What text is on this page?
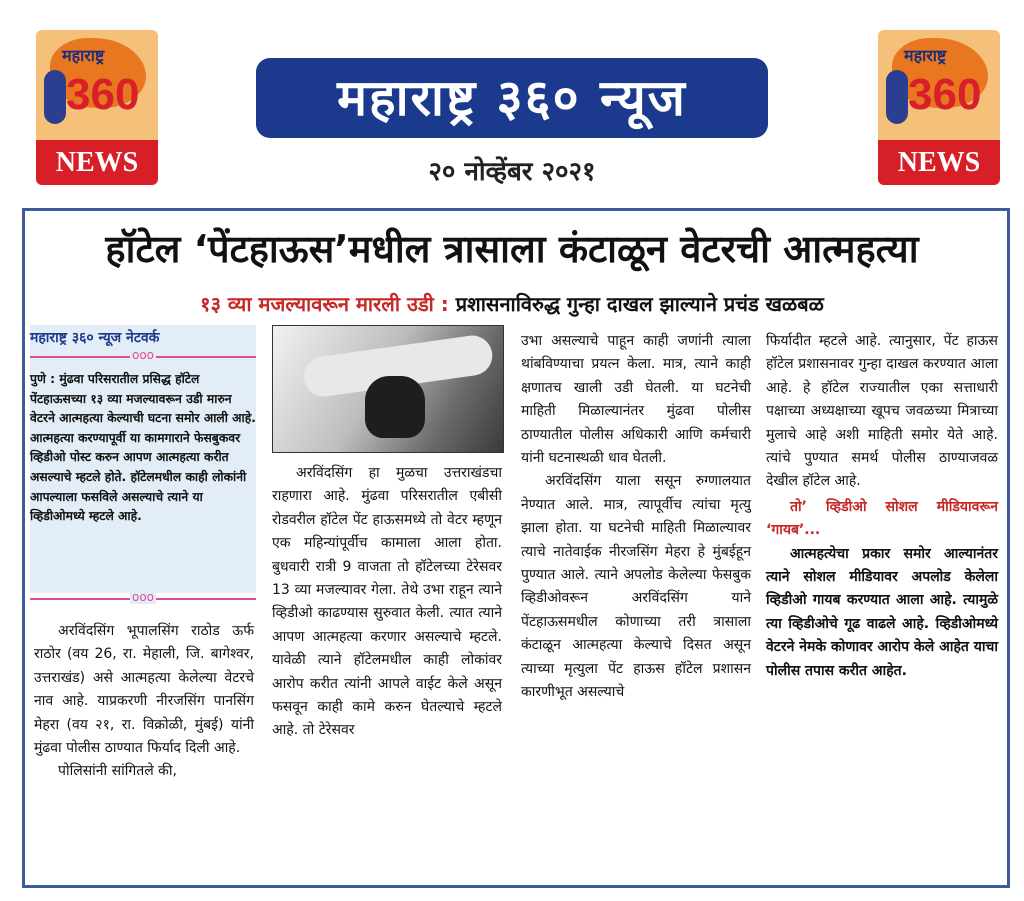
महाराष्ट्र
360
NEWS
महाराष्ट्र
360
NEWS
महाराष्ट्र ३६० न्यूज
२० नोव्हेंबर २०२१
हॉटेल ‘पेंटहाऊस’मधील त्रासाला कंटाळून वेटरची आत्महत्या
१३ व्या मजल्यावरून मारली उडी : प्रशासनाविरुद्ध गुन्हा दाखल झाल्याने प्रचंड खळबळ
महाराष्ट्र ३६० न्यूज नेटवर्क
ooo
पुणे : मुंढवा परिसरातील प्रसिद्ध हॉटेल पेंटहाऊसच्या १३ व्या मजल्यावरून उडी मारुन वेटरने आत्महत्या केल्याची घटना समोर आली आहे. आत्महत्या करण्यापूर्वी या कामगाराने फेसबुकवर व्हिडीओ पोस्ट करुन आपण आत्महत्या करीत असल्याचे म्हटले होते. हॉटेलमधील काही लोकांनी आपल्याला फसविले असल्याचे त्याने या व्हिडीओमध्ये म्हटले आहे.
ooo

अरविंदसिंग भूपालसिंग राठोड ऊर्फ राठोर (वय 26, रा. मेहाली, जि. बागेश्वर, उत्तराखंड) असे आत्महत्या केलेल्या वेटरचे नाव आहे. याप्रकरणी नीरजसिंग पानसिंग मेहरा (वय २१, रा. विक्रोळी, मुंबई) यांनी मुंढवा पोलीस ठाण्यात फिर्याद दिली आहे.

पोलिसांनी सांगितले की,

अरविंदसिंग हा मुळचा उत्तराखंडचा राहणारा आहे. मुंढवा परिसरातील एबीसी रोडवरील हॉटेल पेंट हाऊसमध्ये तो वेटर म्हणून एक महिन्यांपूर्वीच कामाला आला होता. बुधवारी रात्री 9 वाजता तो हॉटेलच्या टेरेसवर 13 व्या मजल्यावर गेला. तेथे उभा राहून त्याने व्हिडीओ काढण्यास सुरुवात केली. त्यात त्याने आपण आत्महत्या करणार असल्याचे म्हटले. यावेळी त्याने हॉटेलमधील काही लोकांवर आरोप करीत त्यांनी आपले वाईट केले असून फसवून काही कामे करुन घेतल्याचे म्हटले आहे. तो टेरेसवर

उभा असल्याचे पाहून काही जणांनी त्याला थांबविण्याचा प्रयत्न केला. मात्र, त्याने काही क्षणातच खाली उडी घेतली. या घटनेची माहिती मिळाल्यानंतर मुंढवा पोलीस ठाण्यातील पोलीस अधिकारी आणि कर्मचारी यांनी घटनास्थळी धाव घेतली.

अरविंदसिंग याला ससून रुग्णालयात नेण्यात आले. मात्र, त्यापूर्वीच त्यांचा मृत्यु झाला होता. या घटनेची माहिती मिळाल्यावर त्याचे नातेवाईक नीरजसिंग मेहरा हे मुंबईहून पुण्यात आले. त्याने अपलोड केलेल्या फेसबुक व्हिडीओवरून अरविंदसिंग याने पेंटहाऊसमधील कोणाच्या तरी त्रासाला कंटाळून आत्महत्या केल्याचे दिसत असून त्याच्या मृत्युला पेंट हाऊस हॉटेल प्रशासन कारणीभूत असल्याचे

फिर्यादीत म्हटले आहे. त्यानुसार, पेंट हाऊस हॉटेल प्रशासनावर गुन्हा दाखल करण्यात आला आहे. हे हॉटेल राज्यातील एका सत्ताधारी पक्षाच्या अध्यक्षाच्या खूपच जवळच्या मित्राच्या मुलाचे आहे अशी माहिती समोर येते आहे. त्यांचे पुण्यात समर्थ पोलीस ठाण्याजवळ देखील हॉटेल आहे.

तो’ व्हिडीओ सोशल मीडियावरून ‘गायब’...

आत्महत्येचा प्रकार समोर आल्यानंतर त्याने सोशल मीडियावर अपलोड केलेला व्हिडीओ गायब करण्यात आला आहे. त्यामुळे त्या व्हिडीओचे गूढ वाढले आहे. व्हिडीओमध्ये वेटरने नेमके कोणावर आरोप केले आहेत याचा पोलीस तपास करीत आहेत.
